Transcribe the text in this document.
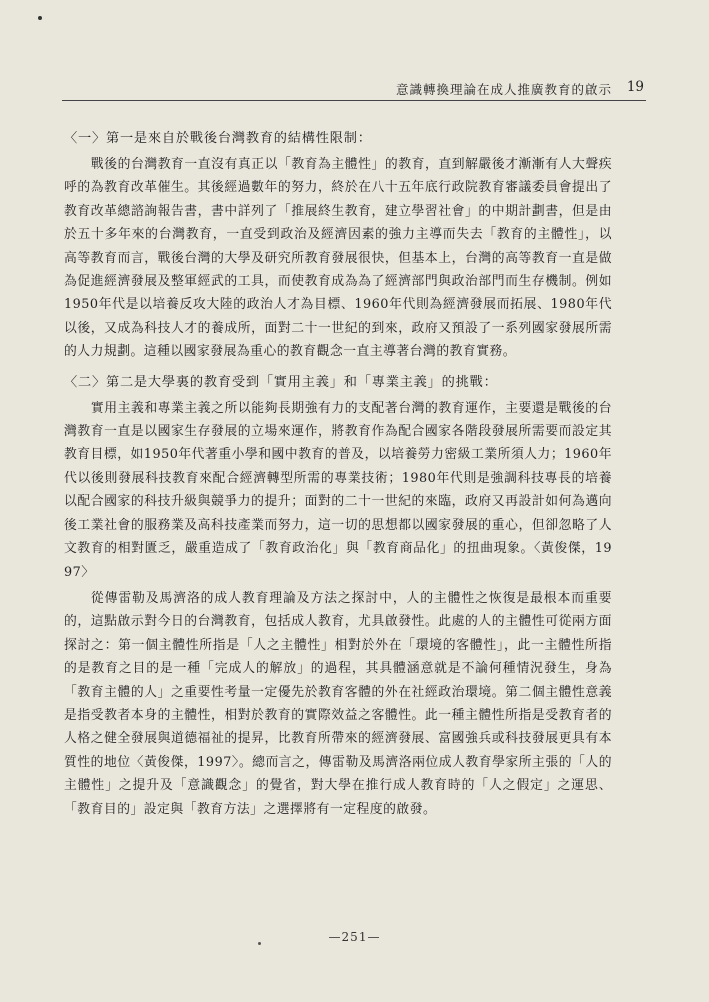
意識轉換理論在成人推廣教育的啟示 19
〈一〉第一是來自於戰後台灣教育的結構性限制：

戰後的台灣教育一直沒有真正以「教育為主體性」的教育，直到解嚴後才漸漸有人大聲疾呼的為教育改革催生。其後經過數年的努力，終於在八十五年底行政院教育審議委員會提出了教育改革總諮詢報告書，書中詳列了「推展終生教育，建立學習社會」的中期計劃書，但是由於五十多年來的台灣教育，一直受到政治及經濟因素的強力主導而失去「教育的主體性」，以高等教育而言，戰後台灣的大學及研究所教育發展很快，但基本上，台灣的高等教育一直是做為促進經濟發展及整軍經武的工具，而使教育成為為了經濟部門與政治部門而生存機制。例如1950年代是以培養反攻大陸的政治人才為目標、1960年代則為經濟發展而拓展、1980年代以後，又成為科技人才的養成所，面對二十一世紀的到來，政府又預設了一系列國家發展所需的人力規劃。這種以國家發展為重心的教育觀念一直主導著台灣的教育實務。

〈二〉第二是大學裏的教育受到「實用主義」和「專業主義」的挑戰：

實用主義和專業主義之所以能夠長期強有力的支配著台灣的教育運作，主要還是戰後的台灣教育一直是以國家生存發展的立場來運作，將教育作為配合國家各階段發展所需要而設定其教育目標，如1950年代著重小學和國中教育的普及，以培養勞力密級工業所須人力；1960年代以後則發展科技教育來配合經濟轉型所需的專業技術；1980年代則是強調科技專長的培養以配合國家的科技升級與競爭力的提升；面對的二十一世紀的來臨，政府又再設計如何為邁向後工業社會的服務業及高科技產業而努力，這一切的思想都以國家發展的重心，但卻忽略了人文教育的相對匱乏，嚴重造成了「教育政治化」與「教育商品化」的扭曲現象。〈黃俊傑，1997〉

從傳雷勒及馬濟洛的成人教育理論及方法之探討中，人的主體性之恢復是最根本而重要的，這點啟示對今日的台灣教育，包括成人教育，尤具啟發性。此處的人的主體性可從兩方面探討之：第一個主體性所指是「人之主體性」相對於外在「環境的客體性」，此一主體性所指的是教育之目的是一種「完成人的解放」的過程，其具體涵意就是不論何種情況發生，身為「教育主體的人」之重要性考量一定優先於教育客體的外在社經政治環境。第二個主體性意義是指受教者本身的主體性，相對於教育的實際效益之客體性。此一種主體性所指是受教育者的人格之健全發展與道德福祉的提昇，比教育所帶來的經濟發展、富國強兵或科技發展更具有本質性的地位〈黃俊傑，1997〉。總而言之，傳雷勒及馬濟洛兩位成人教育學家所主張的「人的主體性」之提升及「意識觀念」的覺省，對大學在推行成人教育時的「人之假定」之運思、「教育目的」設定與「教育方法」之選擇將有一定程度的啟發。

—251—
